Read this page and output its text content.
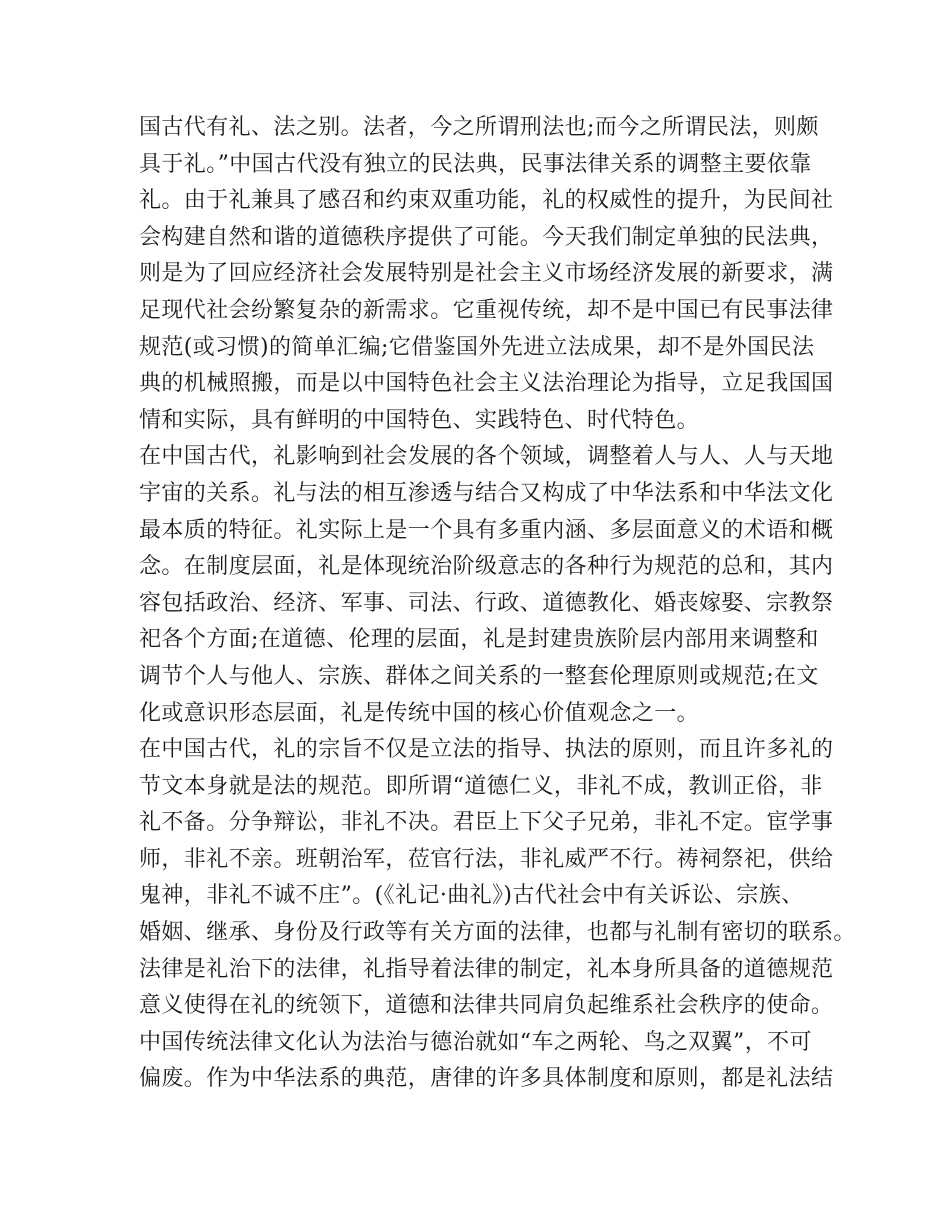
国古代有礼、法之别。法者，今之所谓刑法也;而今之所谓民法，则颇
具于礼。”中国古代没有独立的民法典，民事法律关系的调整主要依靠
礼。由于礼兼具了感召和约束双重功能，礼的权威性的提升，为民间社
会构建自然和谐的道德秩序提供了可能。今天我们制定单独的民法典，
则是为了回应经济社会发展特别是社会主义市场经济发展的新要求，满
足现代社会纷繁复杂的新需求。它重视传统，却不是中国已有民事法律
规范(或习惯)的简单汇编;它借鉴国外先进立法成果，却不是外国民法
典的机械照搬，而是以中国特色社会主义法治理论为指导，立足我国国
情和实际，具有鲜明的中国特色、实践特色、时代特色。
在中国古代，礼影响到社会发展的各个领域，调整着人与人、人与天地
宇宙的关系。礼与法的相互渗透与结合又构成了中华法系和中华法文化
最本质的特征。礼实际上是一个具有多重内涵、多层面意义的术语和概
念。在制度层面，礼是体现统治阶级意志的各种行为规范的总和，其内
容包括政治、经济、军事、司法、行政、道德教化、婚丧嫁娶、宗教祭
祀各个方面;在道德、伦理的层面，礼是封建贵族阶层内部用来调整和
调节个人与他人、宗族、群体之间关系的一整套伦理原则或规范;在文
化或意识形态层面，礼是传统中国的核心价值观念之一。
在中国古代，礼的宗旨不仅是立法的指导、执法的原则，而且许多礼的
节文本身就是法的规范。即所谓“道德仁义，非礼不成，教训正俗，非
礼不备。分争辩讼，非礼不决。君臣上下父子兄弟，非礼不定。宦学事
师，非礼不亲。班朝治军，莅官行法，非礼威严不行。祷祠祭祀，供给
鬼神，非礼不诚不庄”。(《礼记·曲礼》)古代社会中有关诉讼、宗族、
婚姻、继承、身份及行政等有关方面的法律，也都与礼制有密切的联系。
法律是礼治下的法律，礼指导着法律的制定，礼本身所具备的道德规范
意义使得在礼的统领下，道德和法律共同肩负起维系社会秩序的使命。
中国传统法律文化认为法治与德治就如“车之两轮、鸟之双翼”，不可
偏废。作为中华法系的典范，唐律的许多具体制度和原则，都是礼法结
